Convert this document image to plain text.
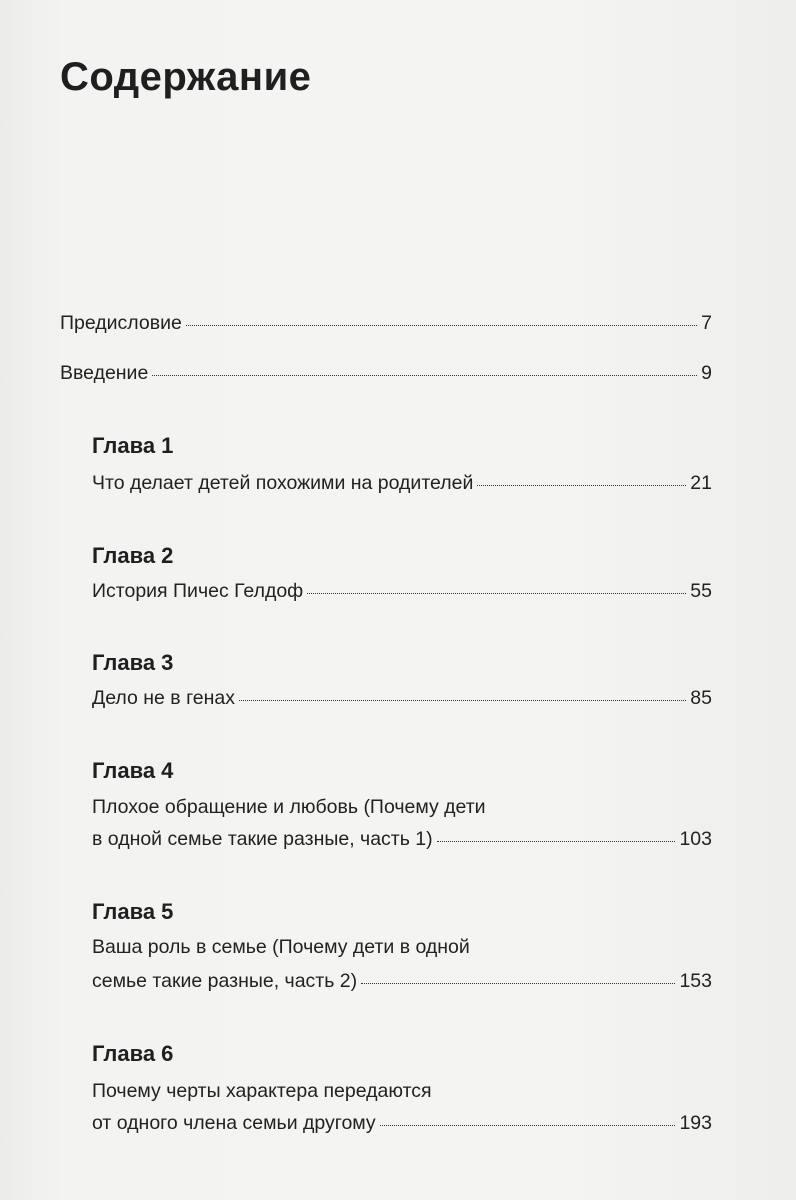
Содержание
Предисловие	7
Введение	9
Глава 1
Что делает детей похожими на родителей	21
Глава 2
История Пичес Гелдоф	55
Глава 3
Дело не в генах	85
Глава 4
Плохое обращение и любовь (Почему дети
в одной семье такие разные, часть 1)	103
Глава 5
Ваша роль в семье (Почему дети в одной
семье такие разные, часть 2)	153
Глава 6
Почему черты характера передаются
от одного члена семьи другому	193
